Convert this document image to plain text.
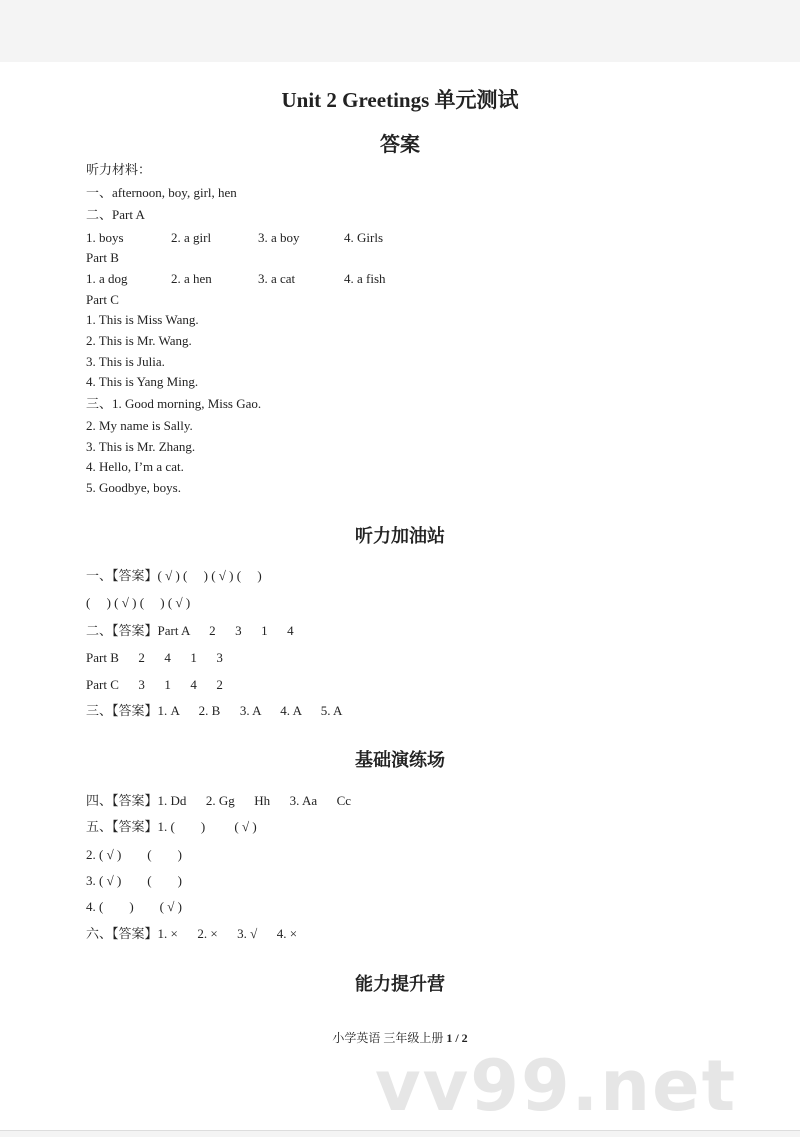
Unit 2 Greetings 单元测试
答案
听力材料：
一、afternoon, boy, girl, hen
二、Part A
1. boys	2. a girl	3. a boy	4. Girls
Part B
1. a dog	2. a hen	3. a cat	4. a fish
Part C
1. This is Miss Wang.
2. This is Mr. Wang.
3. This is Julia.
4. This is Yang Ming.
三、1. Good morning, Miss Gao.
2. My name is Sally.
3. This is Mr. Zhang.
4. Hello, I’m a cat.
5. Goodbye, boys.
听力加油站
一、【答案】( √ ) (     ) ( √ ) (     )
(     ) ( √ ) (     ) ( √ )
二、【答案】Part A      2      3      1      4
Part B      2      4      1      3
Part C      3      1      4      2
三、【答案】1. A      2. B      3. A      4. A      5. A
基础演练场
四、【答案】1. Dd      2. Gg      Hh      3. Aa      Cc
五、【答案】1. (        )         ( √ )
2. ( √ )        (        )
3. ( √ )        (        )
4. (        )        ( √ )
六、【答案】1. ×      2. ×      3. √      4. ×
能力提升营
小学英语 三年级上册 1 / 2
vv99.net
